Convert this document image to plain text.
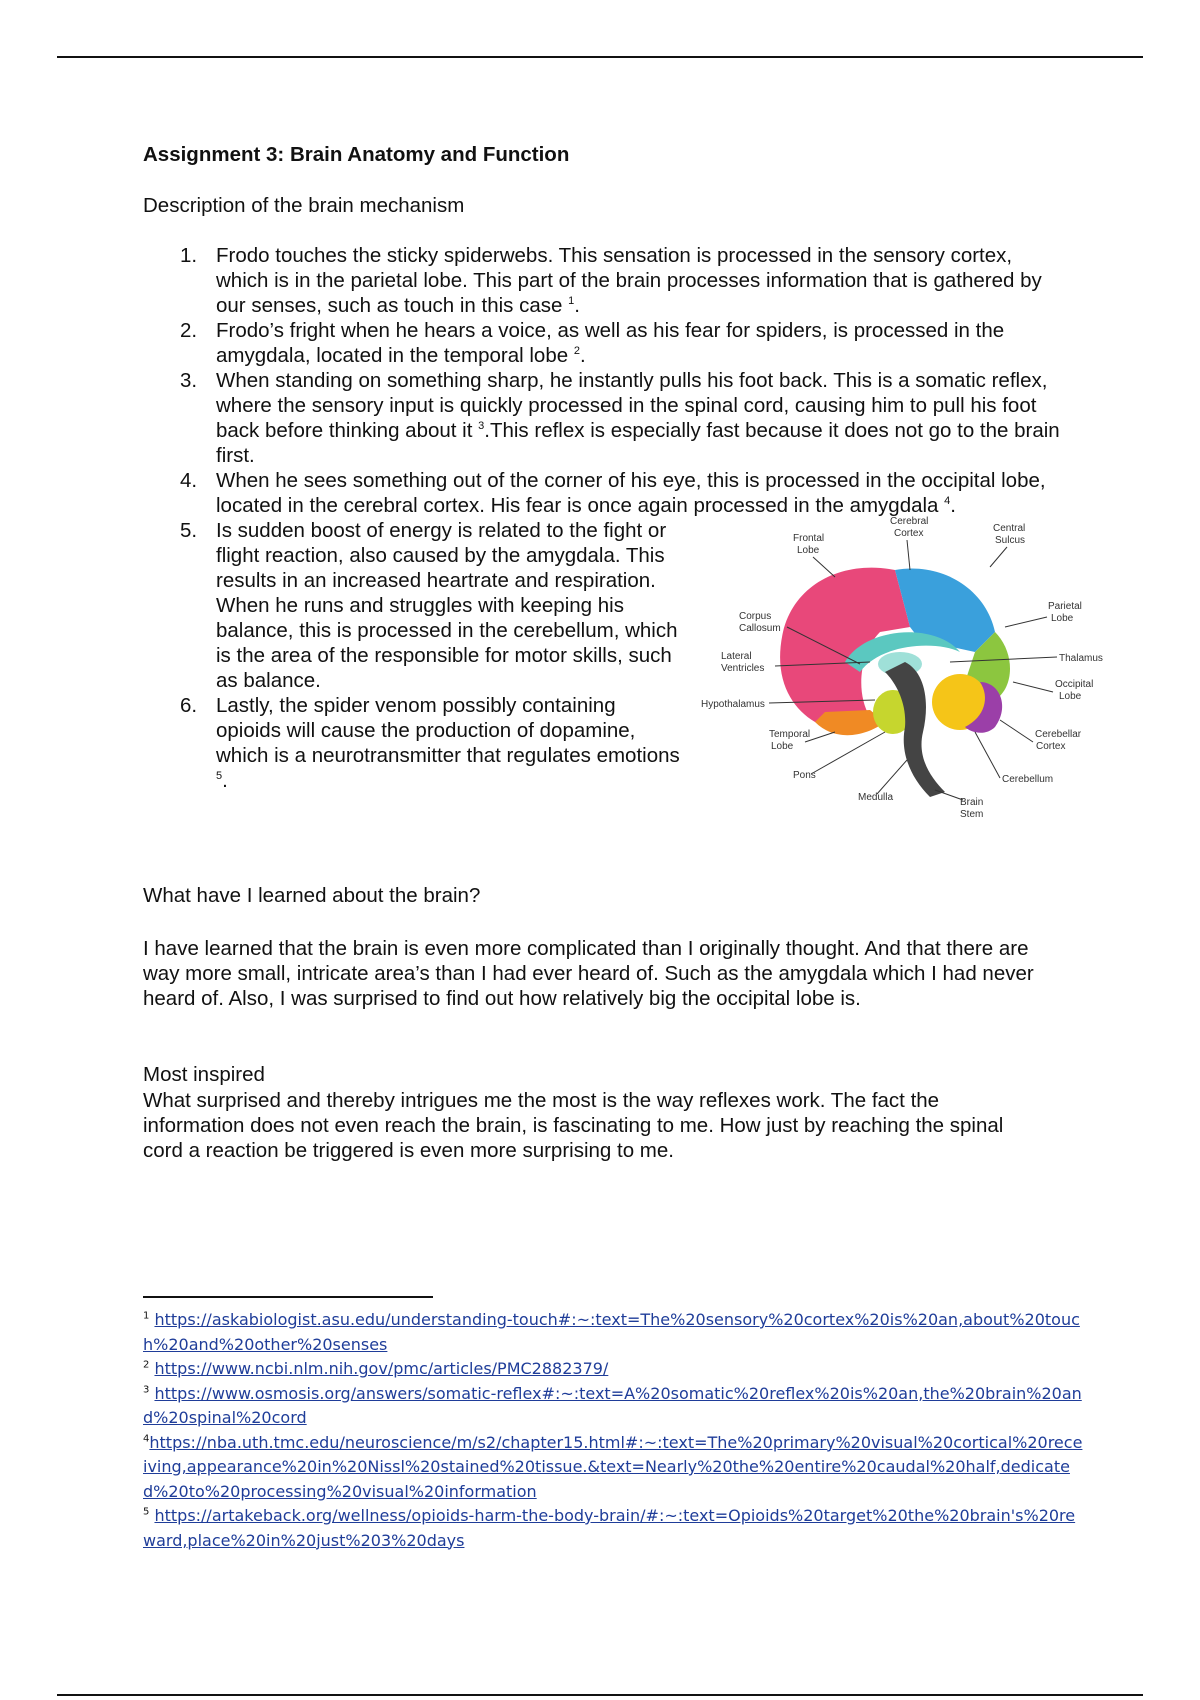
Assignment 3: Brain Anatomy and Function
Description of the brain mechanism
1. Frodo touches the sticky spiderwebs. This sensation is processed in the sensory cortex, which is in the parietal lobe. This part of the brain processes information that is gathered by our senses, such as touch in this case $^1$.
2. Frodo’s fright when he hears a voice, as well as his fear for spiders, is processed in the amygdala, located in the temporal lobe $^2$.
3. When standing on something sharp, he instantly pulls his foot back. This is a somatic reflex, where the sensory input is quickly processed in the spinal cord, causing him to pull his foot back before thinking about it $^3$.This reflex is especially fast because it does not go to the brain first.
4. When he sees something out of the corner of his eye, this is processed in the occipital lobe, located in the cerebral cortex. His fear is once again processed in the amygdala $^4$.
5. Is sudden boost of energy is related to the fight or flight reaction, also caused by the amygdala. This results in an increased heartrate and respiration. When he runs and struggles with keeping his balance, this is processed in the cerebellum, which is the area of the responsible for motor skills, such as balance.
6. Lastly, the spider venom possibly containing opioids will cause the production of dopamine, which is a neurotransmitter that regulates emotions $^5$.
Cerebral
Cortex	Central
Sulcus
Frontal
Lobe
Parietal
Lobe
Corpus
Callosum
Thalamus
Lateral
Ventricles
Occipital
Lobe
Hypothalamus
Temporal
Lobe
Cerebellar
Cortex
Pons	Cerebellum
Medulla	Brain
Stem
What have I learned about the brain?

I have learned that the brain is even more complicated than I originally thought. And that there are way more small, intricate area’s than I had ever heard of. Such as the amygdala which I had never heard of. Also, I was surprised to find out how relatively big the occipital lobe is.

Most inspired

What surprised and thereby intrigues me the most is the way reflexes work. The fact the information does not even reach the brain, is fascinating to me. How just by reaching the spinal cord a reaction be triggered is even more surprising to me.

$^1$ https://askabiologist.asu.edu/understanding-touch#:~:text=The%20sensory%20cortex%20is%20an,about%20touch%20and%20other%20senses

$^2$ https://www.ncbi.nlm.nih.gov/pmc/articles/PMC2882379/

$^3$ https://www.osmosis.org/answers/somatic-reflex#:~:text=A%20somatic%20reflex%20is%20an,the%20brain%20and%20spinal%20cord

$^4$https://nba.uth.tmc.edu/neuroscience/m/s2/chapter15.html#:~:text=The%20primary%20visual%20cortical%20receiving,appearance%20in%20Nissl%20stained%20tissue.&text=Nearly%20the%20entire%20caudal%20half,dedicated%20to%20processing%20visual%20information

$^5$ https://artakeback.org/wellness/opioids-harm-the-body-brain/#:~:text=Opioids%20target%20the%20brain's%20reward,place%20in%20just%203%20days
